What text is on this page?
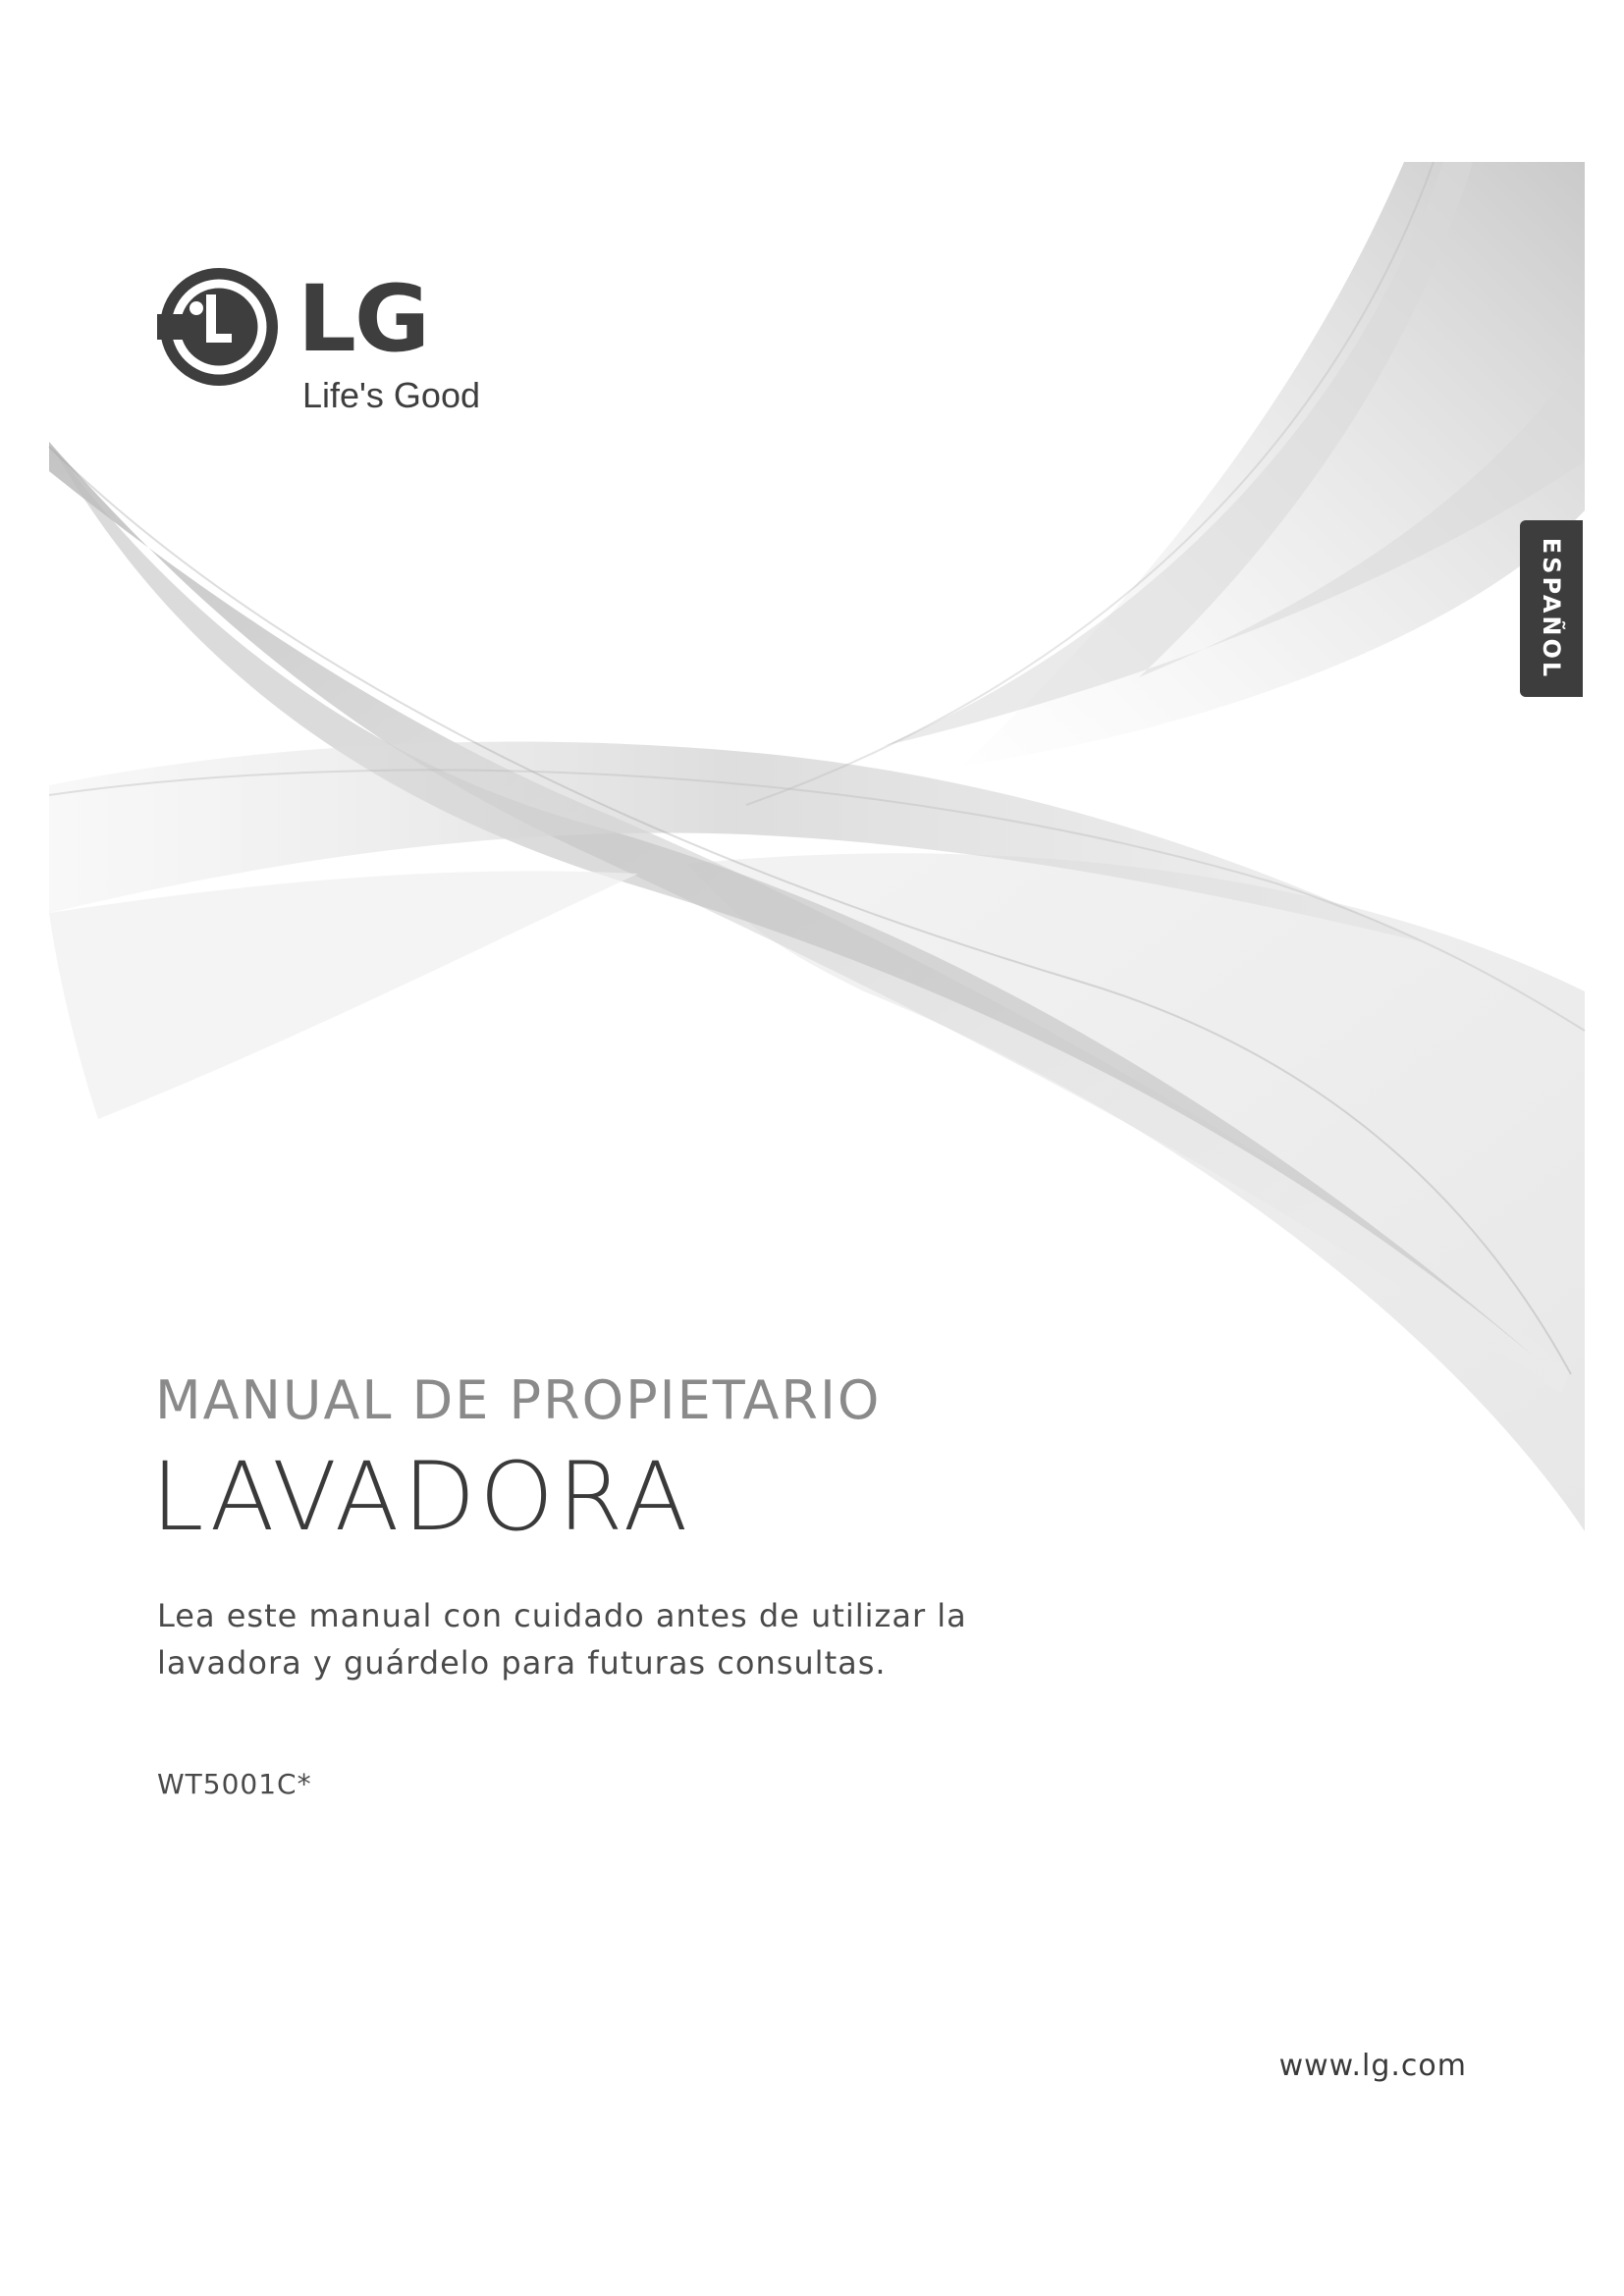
LG
Life's Good
ESPAÑOL
MANUAL DE PROPIETARIO
LAVADORA
Lea este manual con cuidado antes de utilizar la
lavadora y guárdelo para futuras consultas.
WT5001C*
www.lg.com
